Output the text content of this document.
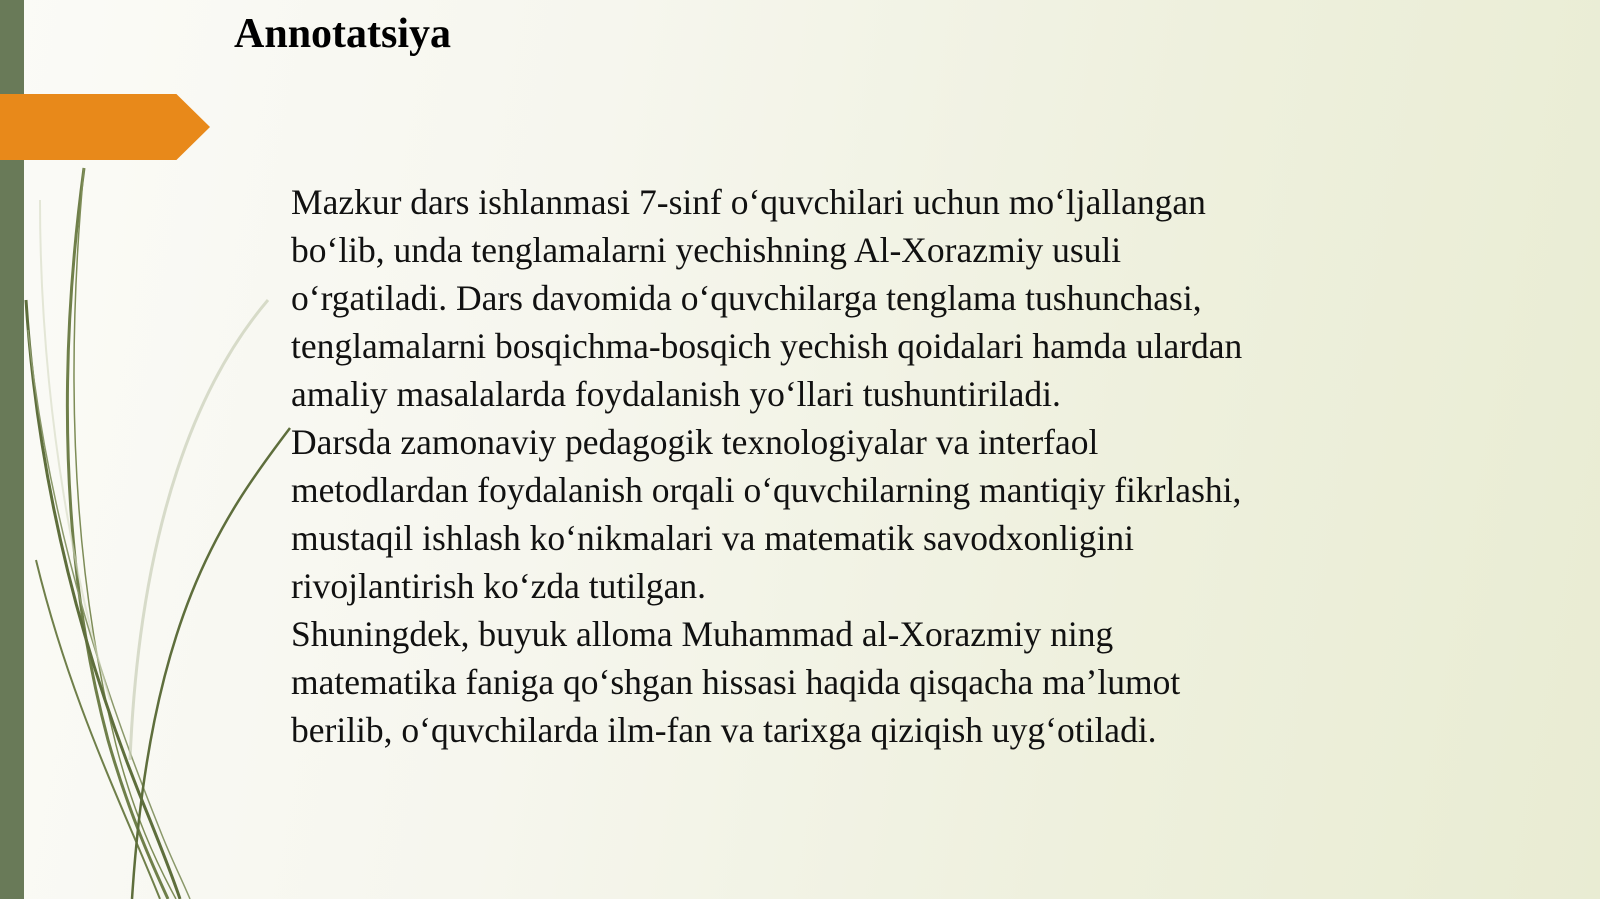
Annotatsiya

Mazkur dars ishlanmasi 7-sinf o‘quvchilari uchun mo‘ljallangan bo‘lib, unda tenglamalarni yechishning Al-Xorazmiy usuli o‘rgatiladi. Dars davomida o‘quvchilarga tenglama tushunchasi, tenglamalarni bosqichma-bosqich yechish qoidalari hamda ulardan amaliy masalalarda foydalanish yo‘llari tushuntiriladi.

Darsda zamonaviy pedagogik texnologiyalar va interfaol metodlardan foydalanish orqali o‘quvchilarning mantiqiy fikrlashi, mustaqil ishlash ko‘nikmalari va matematik savodxonligini rivojlantirish ko‘zda tutilgan.

Shuningdek, buyuk alloma Muhammad al-Xorazmiy ning matematika faniga qo‘shgan hissasi haqida qisqacha ma’lumot berilib, o‘quvchilarda ilm-fan va tarixga qiziqish uyg‘otiladi.
